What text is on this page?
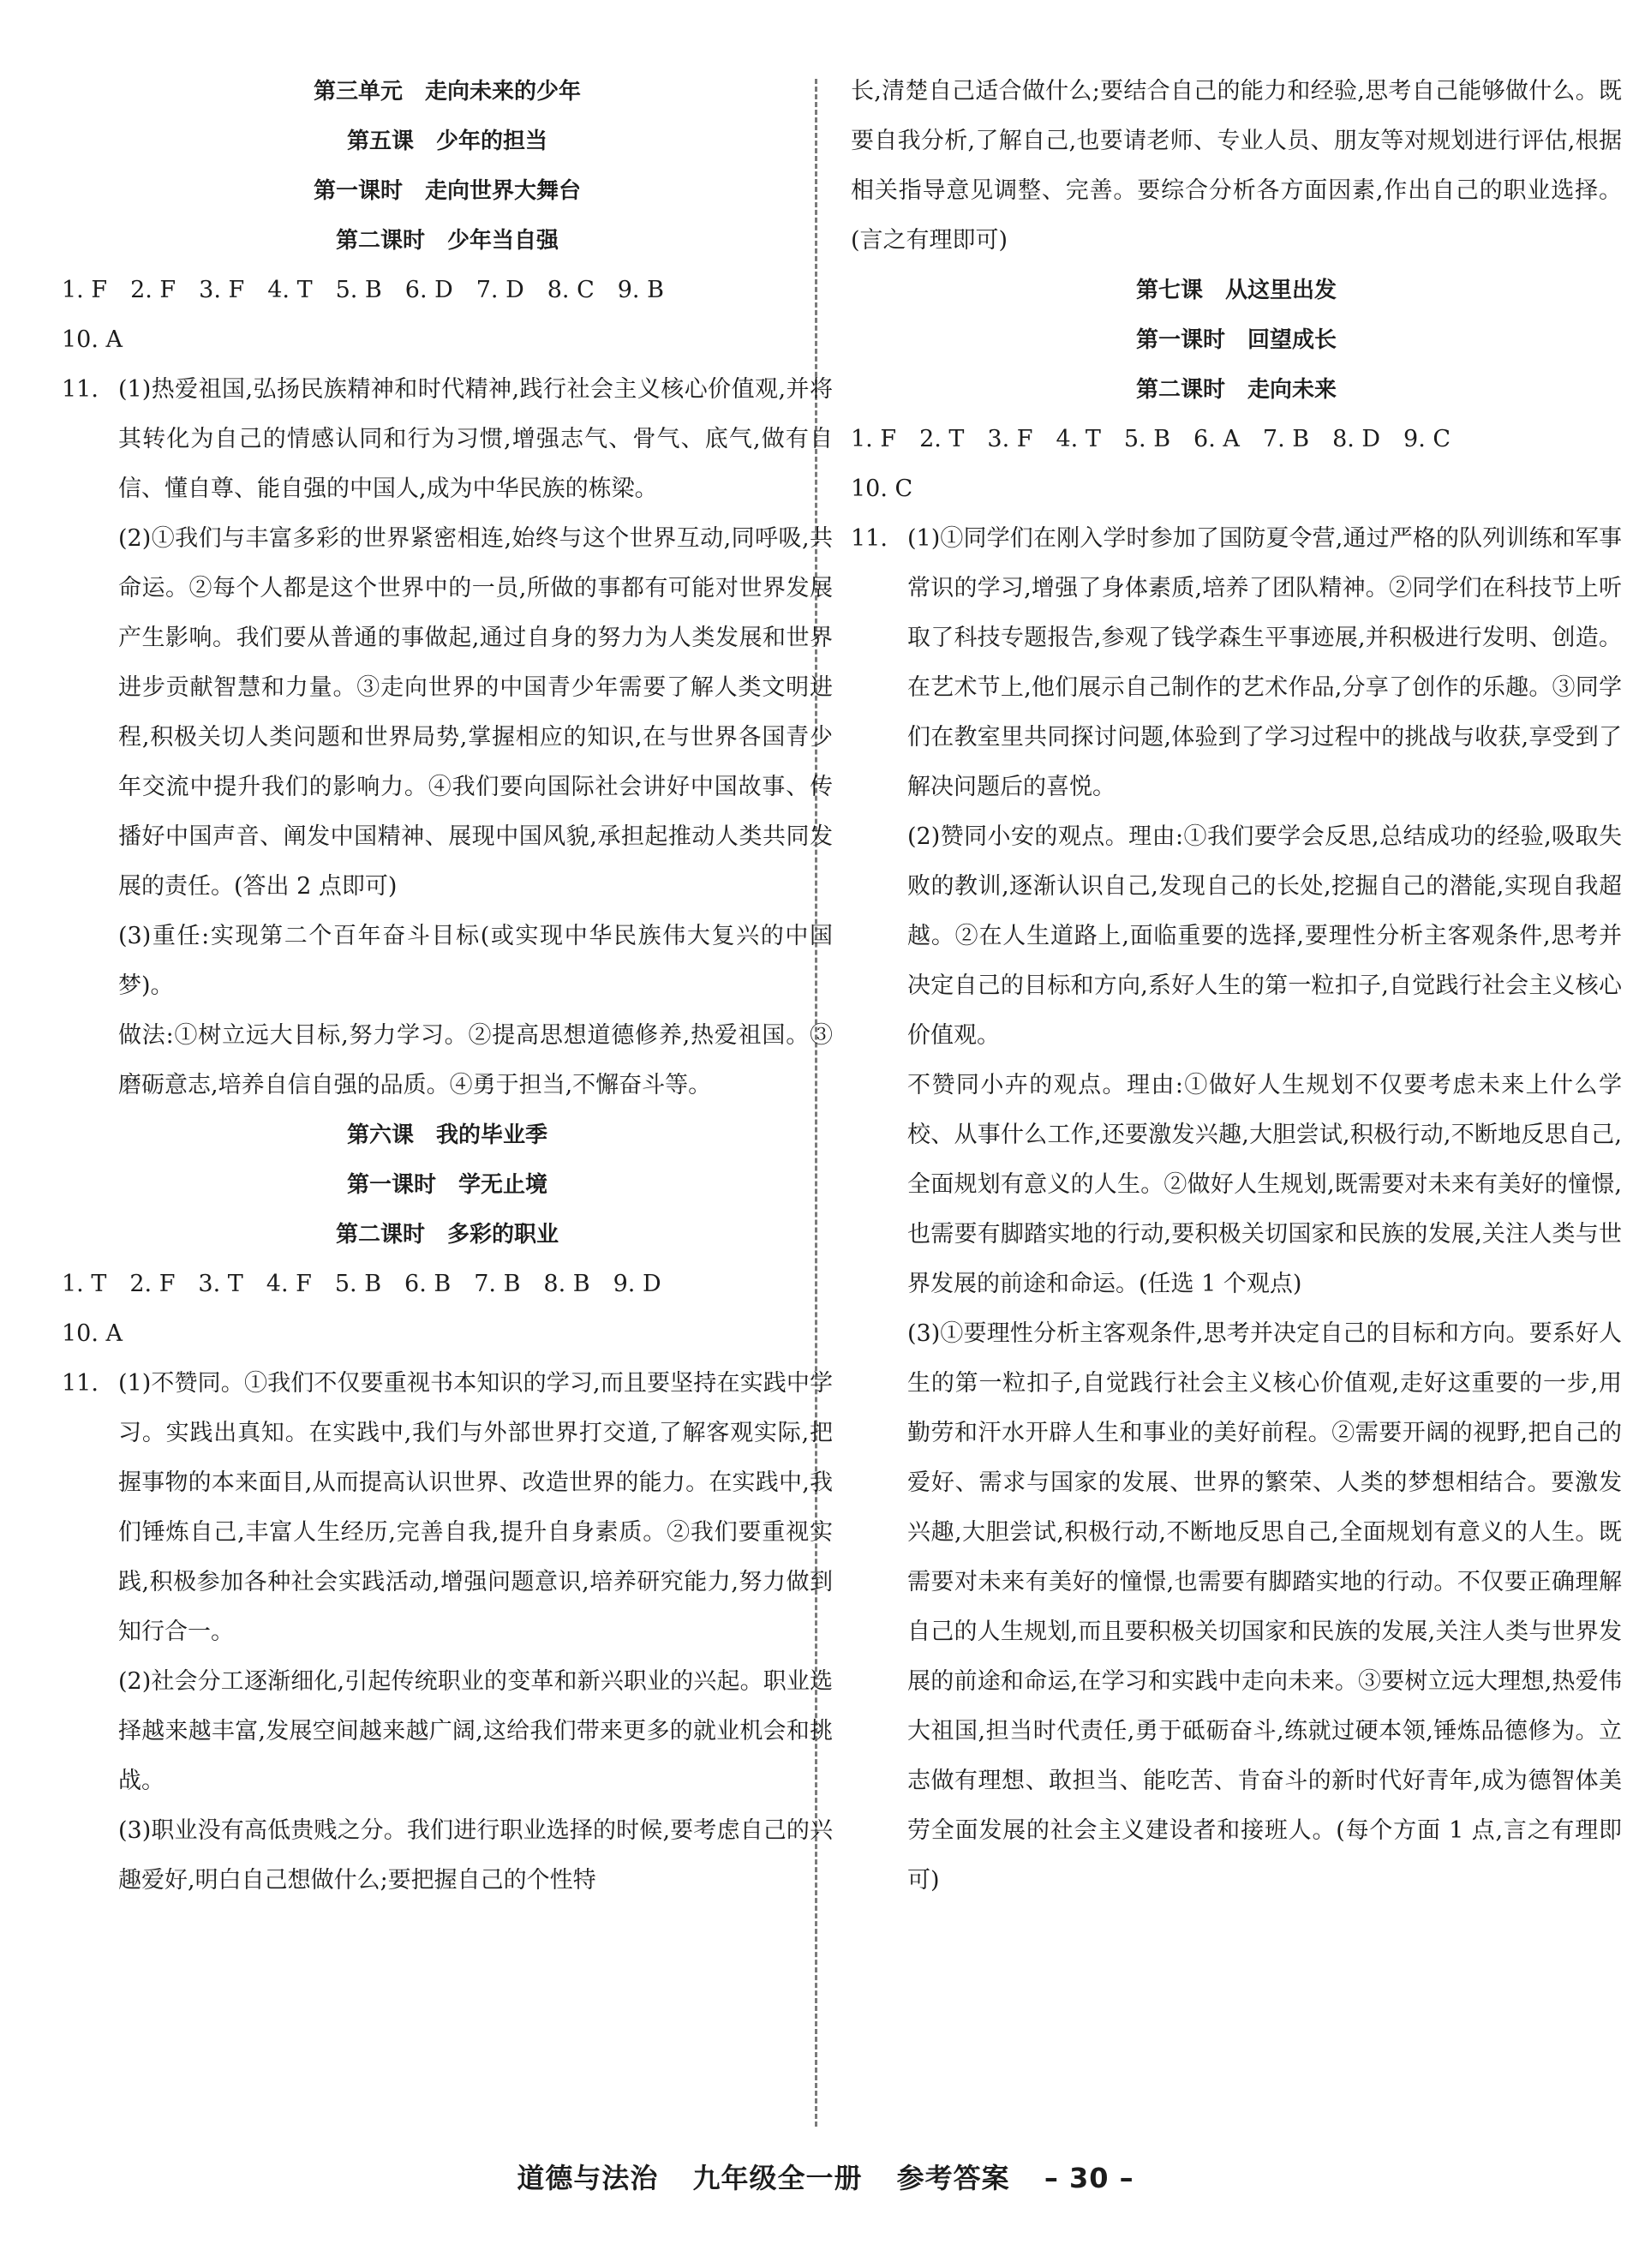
第三单元　走向未来的少年
第五课　少年的担当
第一课时　走向世界大舞台
第二课时　少年当自强
1. F　2. F　3. F　4. T　5. B　6. D　7. D　8. C　9. B
10. A
11. (1)热爱祖国,弘扬民族精神和时代精神,践行社会主义核心价值观,并将其转化为自己的情感认同和行为习惯,增强志气、骨气、底气,做有自信、懂自尊、能自强的中国人,成为中华民族的栋梁。

(2)①我们与丰富多彩的世界紧密相连,始终与这个世界互动,同呼吸,共命运。②每个人都是这个世界中的一员,所做的事都有可能对世界发展产生影响。我们要从普通的事做起,通过自身的努力为人类发展和世界进步贡献智慧和力量。③走向世界的中国青少年需要了解人类文明进程,积极关切人类问题和世界局势,掌握相应的知识,在与世界各国青少年交流中提升我们的影响力。④我们要向国际社会讲好中国故事、传播好中国声音、阐发中国精神、展现中国风貌,承担起推动人类共同发展的责任。(答出 2 点即可)

(3)重任:实现第二个百年奋斗目标(或实现中华民族伟大复兴的中国梦)。

做法:①树立远大目标,努力学习。②提高思想道德修养,热爱祖国。③磨砺意志,培养自信自强的品质。④勇于担当,不懈奋斗等。

第六课　我的毕业季
第一课时　学无止境
第二课时　多彩的职业
1. T　2. F　3. T　4. F　5. B　6. B　7. B　8. B　9. D
10. A
11. (1)不赞同。①我们不仅要重视书本知识的学习,而且要坚持在实践中学习。实践出真知。在实践中,我们与外部世界打交道,了解客观实际,把握事物的本来面目,从而提高认识世界、改造世界的能力。在实践中,我们锤炼自己,丰富人生经历,完善自我,提升自身素质。②我们要重视实践,积极参加各种社会实践活动,增强问题意识,培养研究能力,努力做到知行合一。

(2)社会分工逐渐细化,引起传统职业的变革和新兴职业的兴起。职业选择越来越丰富,发展空间越来越广阔,这给我们带来更多的就业机会和挑战。

(3)职业没有高低贵贱之分。我们进行职业选择的时候,要考虑自己的兴趣爱好,明白自己想做什么;要把握自己的个性特

长,清楚自己适合做什么;要结合自己的能力和经验,思考自己能够做什么。既要自我分析,了解自己,也要请老师、专业人员、朋友等对规划进行评估,根据相关指导意见调整、完善。要综合分析各方面因素,作出自己的职业选择。(言之有理即可)

第七课　从这里出发
第一课时　回望成长
第二课时　走向未来
1. F　2. T　3. F　4. T　5. B　6. A　7. B　8. D　9. C
10. C
11. (1)①同学们在刚入学时参加了国防夏令营,通过严格的队列训练和军事常识的学习,增强了身体素质,培养了团队精神。②同学们在科技节上听取了科技专题报告,参观了钱学森生平事迹展,并积极进行发明、创造。在艺术节上,他们展示自己制作的艺术作品,分享了创作的乐趣。③同学们在教室里共同探讨问题,体验到了学习过程中的挑战与收获,享受到了解决问题后的喜悦。

(2)赞同小安的观点。理由:①我们要学会反思,总结成功的经验,吸取失败的教训,逐渐认识自己,发现自己的长处,挖掘自己的潜能,实现自我超越。②在人生道路上,面临重要的选择,要理性分析主客观条件,思考并决定自己的目标和方向,系好人生的第一粒扣子,自觉践行社会主义核心价值观。

不赞同小卉的观点。理由:①做好人生规划不仅要考虑未来上什么学校、从事什么工作,还要激发兴趣,大胆尝试,积极行动,不断地反思自己,全面规划有意义的人生。②做好人生规划,既需要对未来有美好的憧憬,也需要有脚踏实地的行动,要积极关切国家和民族的发展,关注人类与世界发展的前途和命运。(任选 1 个观点)

(3)①要理性分析主客观条件,思考并决定自己的目标和方向。要系好人生的第一粒扣子,自觉践行社会主义核心价值观,走好这重要的一步,用勤劳和汗水开辟人生和事业的美好前程。②需要开阔的视野,把自己的爱好、需求与国家的发展、世界的繁荣、人类的梦想相结合。要激发兴趣,大胆尝试,积极行动,不断地反思自己,全面规划有意义的人生。既需要对未来有美好的憧憬,也需要有脚踏实地的行动。不仅要正确理解自己的人生规划,而且要积极关切国家和民族的发展,关注人类与世界发展的前途和命运,在学习和实践中走向未来。③要树立远大理想,热爱伟大祖国,担当时代责任,勇于砥砺奋斗,练就过硬本领,锤炼品德修为。立志做有理想、敢担当、能吃苦、肯奋斗的新时代好青年,成为德智体美劳全面发展的社会主义建设者和接班人。(每个方面 1 点,言之有理即可)

道德与法治 九年级全一册 参考答案 – 30 –
